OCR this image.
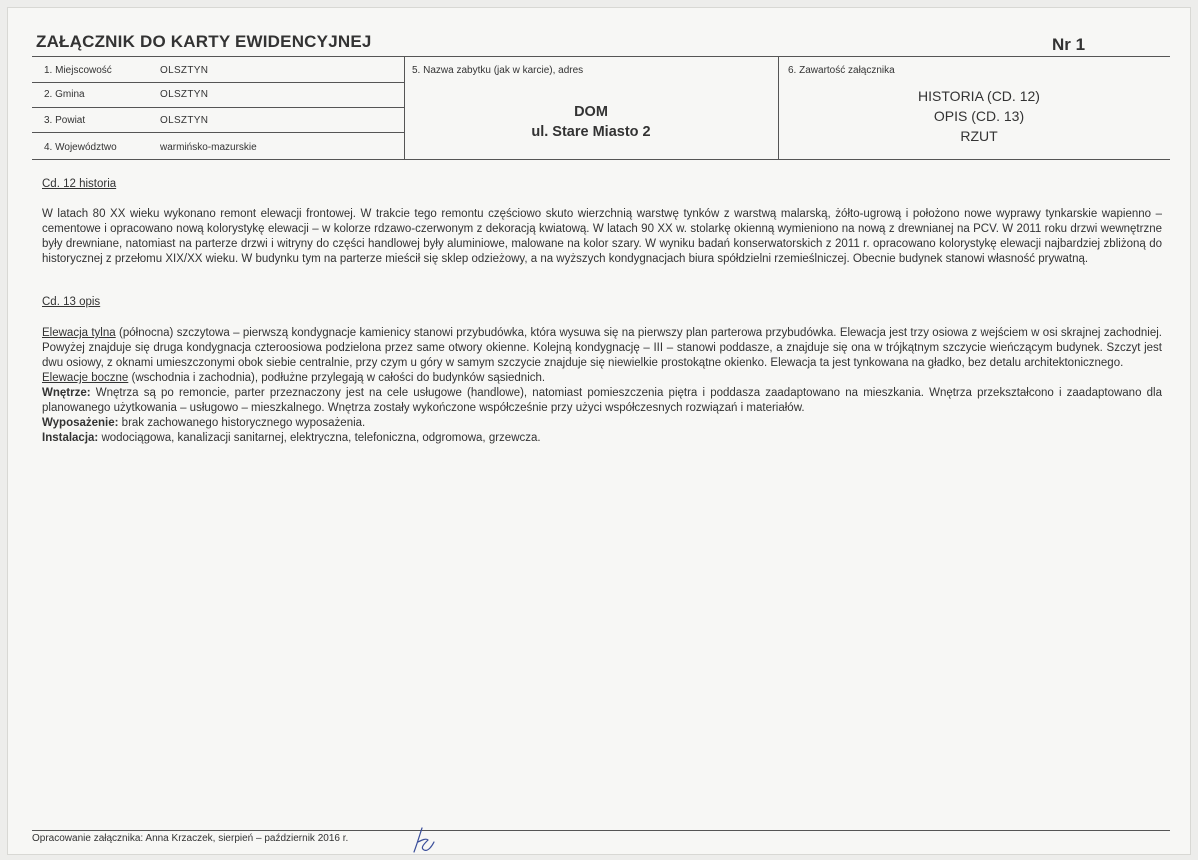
ZAŁĄCZNIK DO KARTY EWIDENCYJNEJ	Nr 1
1. Miejscowość	OLSZTYN
2. Gmina	OLSZTYN
3. Powiat	OLSZTYN
4. Województwo	warmińsko-mazurskie
5. Nazwa zabytku (jak w karcie), adres
DOM
ul. Stare Miasto 2
6. Zawartość załącznika
HISTORIA (CD. 12)
OPIS (CD. 13)
RZUT
Cd. 12 historia
W latach 80 XX wieku wykonano remont elewacji frontowej. W trakcie tego remontu częściowo skuto wierzchnią warstwę tynków z warstwą malarską, żółto-ugrową i położono nowe wyprawy tynkarskie wapienno – cementowe i opracowano nową kolorystykę elewacji – w kolorze rdzawo-czerwonym z dekoracją kwiatową. W latach 90 XX w. stolarkę okienną wymieniono na nową z drewnianej na PCV. W 2011 roku drzwi wewnętrzne były drewniane, natomiast na parterze drzwi i witryny do części handlowej były aluminiowe, malowane na kolor szary. W wyniku badań konserwatorskich z 2011 r. opracowano kolorystykę elewacji najbardziej zbliżoną do historycznej z przełomu XIX/XX wieku. W budynku tym na parterze mieścił się sklep odzieżowy, a na wyższych kondygnacjach biura spółdzielni rzemieślniczej. Obecnie budynek stanowi własność prywatną.
Cd. 13 opis
Elewacja tylna (północna) szczytowa – pierwszą kondygnacje kamienicy stanowi przybudówka, która wysuwa się na pierwszy plan parterowa przybudówka. Elewacja jest trzy osiowa z wejściem w osi skrajnej zachodniej. Powyżej znajduje się druga kondygnacja czteroosiowa podzielona przez same otwory okienne. Kolejną kondygnację – III – stanowi poddasze, a znajduje się ona w trójkątnym szczycie wieńczącym budynek. Szczyt jest dwu osiowy, z oknami umieszczonymi obok siebie centralnie, przy czym u góry w samym szczycie znajduje się niewielkie prostokątne okienko. Elewacja ta jest tynkowana na gładko, bez detalu architektonicznego.
Elewacje boczne (wschodnia i zachodnia), podłużne przylegają w całości do budynków sąsiednich.
Wnętrze: Wnętrza są po remoncie, parter przeznaczony jest na cele usługowe (handlowe), natomiast pomieszczenia piętra i poddasza zaadaptowano na mieszkania. Wnętrza przekształcono i zaadaptowano dla planowanego użytkowania – usługowo – mieszkalnego. Wnętrza zostały wykończone współcześnie przy użyci współczesnych rozwiązań i materiałów.
Wyposażenie: brak zachowanego historycznego wyposażenia.
Instalacja: wodociągowa, kanalizacji sanitarnej, elektryczna, telefoniczna, odgromowa, grzewcza.
Opracowanie załącznika: Anna Krzaczek, sierpień – październik 2016 r.
